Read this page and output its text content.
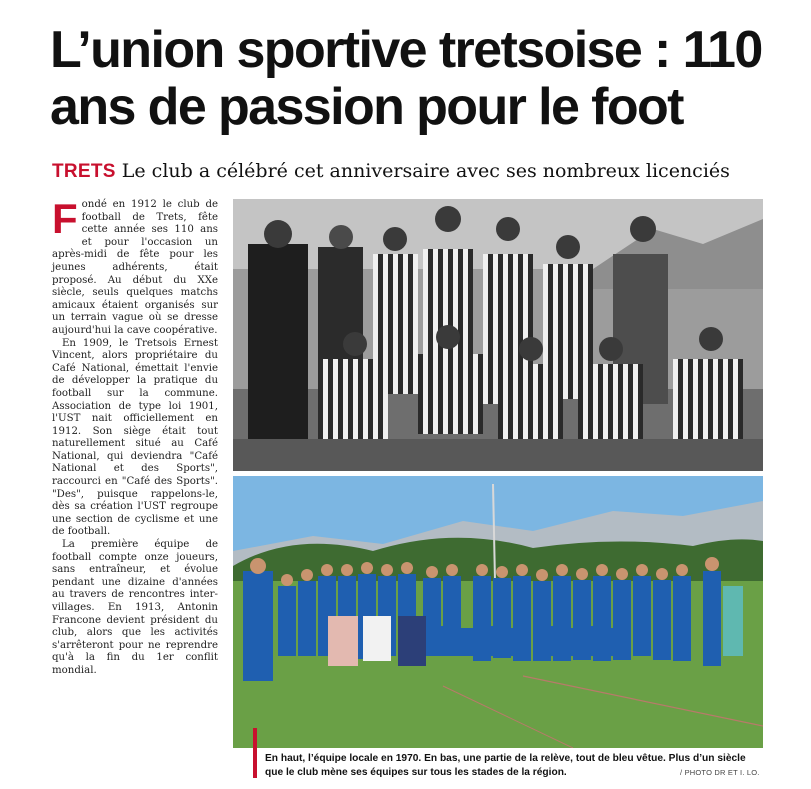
L’union sportive tretsoise : 110
ans de passion pour le foot
TRETS Le club a célébré cet anniversaire avec ses nombreux licenciés

Fondé en 1912 le club de football de Trets, fête cette année ses 110 ans et pour l'occasion un après-midi de fête pour les jeunes adhérents, était proposé. Au début du XXe siècle, seuls quelques matchs amicaux étaient organisés sur un terrain vague où se dresse aujourd'hui la cave coopérative.

En 1909, le Tretsois Ernest Vincent, alors propriétaire du Café National, émettait l'envie de développer la pratique du football sur la commune. Association de type loi 1901, l'UST nait officiellement en 1912. Son siège était tout naturellement situé au Café National, qui deviendra "Café National et des Sports", raccourci en "Café des Sports". "Des", puisque rappelons-le, dès sa création l'UST regroupe une section de cyclisme et une de football.

La première équipe de football compte onze joueurs, sans entraîneur, et évolue pendant une dizaine d'années au travers de rencontres inter-villages. En 1913, Antonin Francone devient président du club, alors que les activités s'arrêteront pour ne reprendre qu'à la fin du 1er conflit mondial.

En haut, l’équipe locale en 1970. En bas, une partie de la relève, tout de bleu vêtue. Plus d’un siècle que le club mène ses équipes sur tous les stades de la région.	/ PHOTO DR ET I. LO.
